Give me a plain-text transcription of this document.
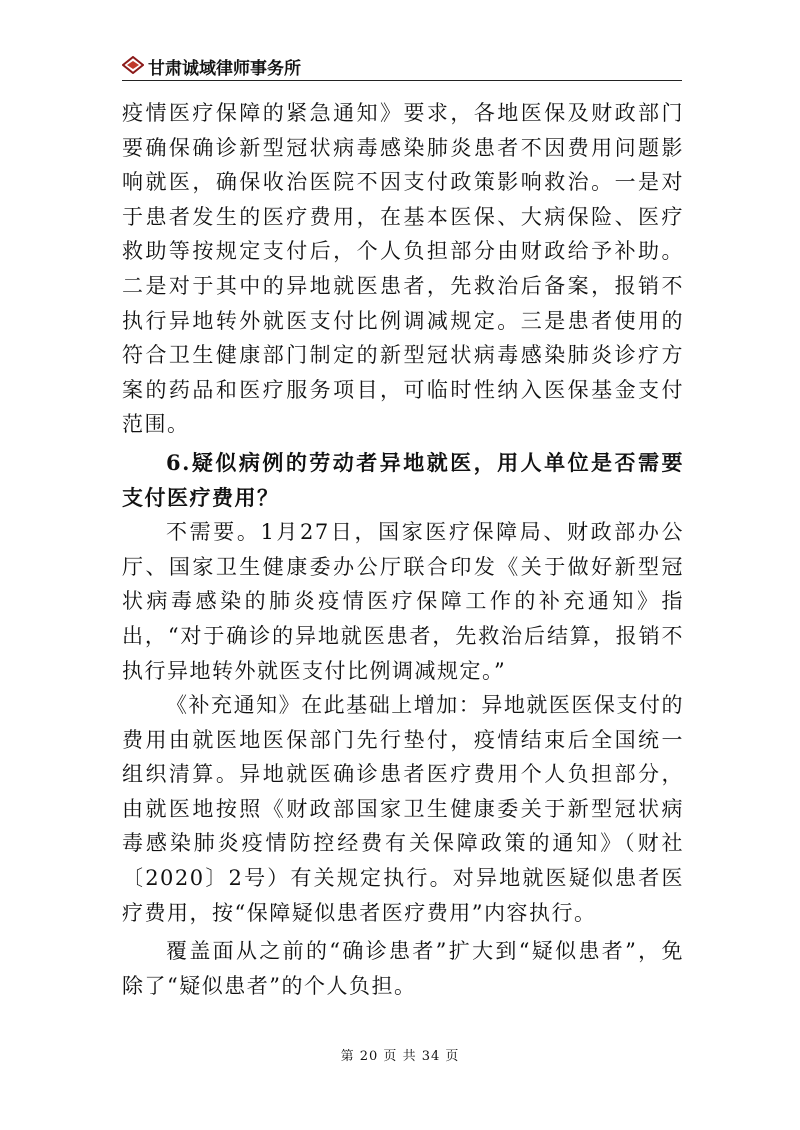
甘肃诚域律师事务所

疫情医疗保障的紧急通知》要求，各地医保及财政部门要确保确诊新型冠状病毒感染肺炎患者不因费用问题影响就医，确保收治医院不因支付政策影响救治。一是对于患者发生的医疗费用，在基本医保、大病保险、医疗救助等按规定支付后，个人负担部分由财政给予补助。二是对于其中的异地就医患者，先救治后备案，报销不执行异地转外就医支付比例调减规定。三是患者使用的符合卫生健康部门制定的新型冠状病毒感染肺炎诊疗方案的药品和医疗服务项目，可临时性纳入医保基金支付范围。

6.疑似病例的劳动者异地就医，用人单位是否需要支付医疗费用？

不需要。1月27日，国家医疗保障局、财政部办公厅、国家卫生健康委办公厅联合印发《关于做好新型冠状病毒感染的肺炎疫情医疗保障工作的补充通知》指出，“对于确诊的异地就医患者，先救治后结算，报销不执行异地转外就医支付比例调减规定。”

《补充通知》在此基础上增加：异地就医医保支付的费用由就医地医保部门先行垫付，疫情结束后全国统一组织清算。异地就医确诊患者医疗费用个人负担部分，由就医地按照《财政部国家卫生健康委关于新型冠状病毒感染肺炎疫情防控经费有关保障政策的通知》（财社〔2020〕2号）有关规定执行。对异地就医疑似患者医疗费用，按“保障疑似患者医疗费用”内容执行。

覆盖面从之前的“确诊患者”扩大到“疑似患者”，免除了“疑似患者”的个人负担。

第 20 页 共 34 页
